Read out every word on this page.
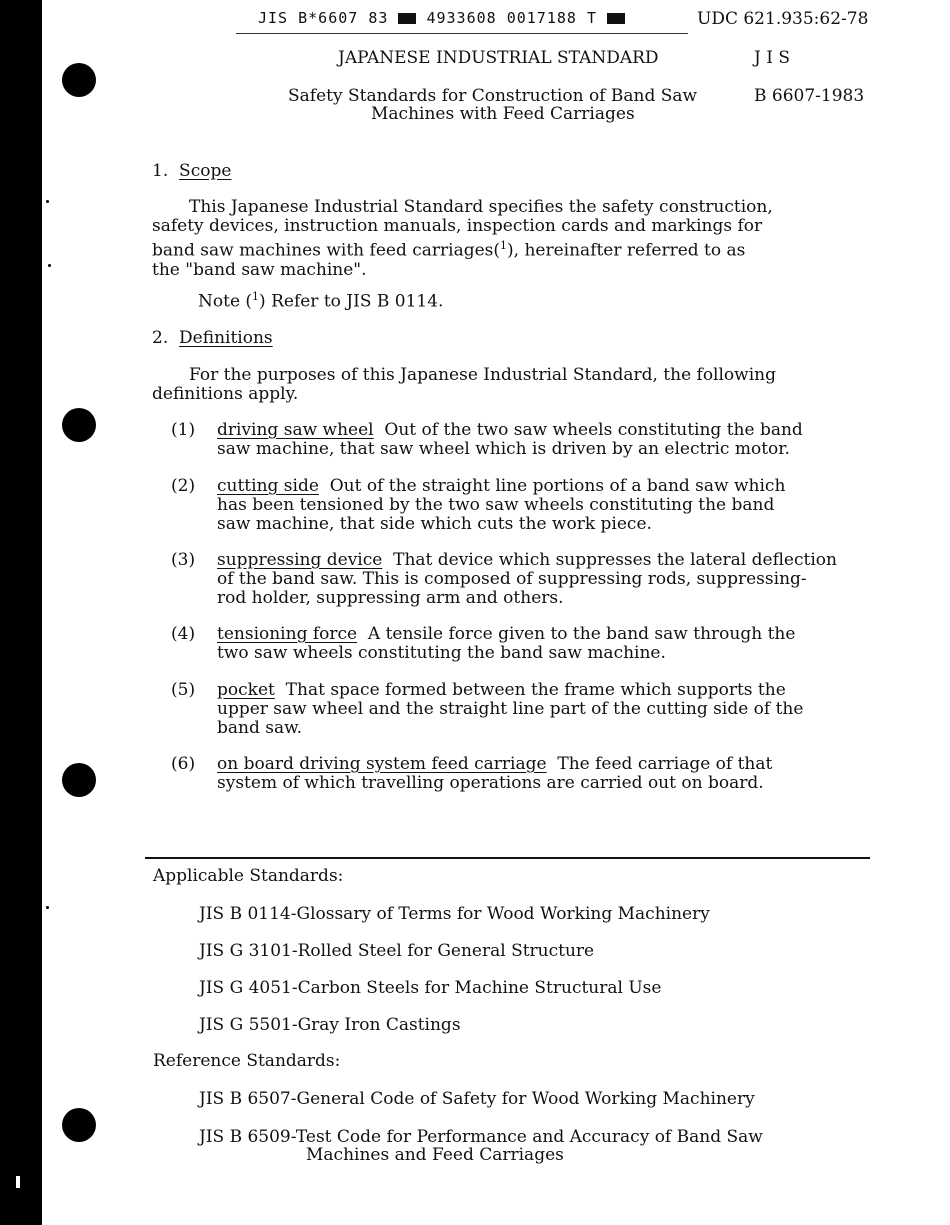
JIS B*6607 83	4933608 0017188 T	UDC 621.935:62-78
JAPANESE INDUSTRIAL STANDARD	J I S
Safety Standards for Construction of Band Saw
Machines with Feed Carriages
B 6607-1983
1. Scope
This Japanese Industrial Standard specifies the safety construction,
safety devices, instruction manuals, inspection cards and markings for
band saw machines with feed carriages($^1$), hereinafter referred to as
the "band saw machine".
Note ($^1$) Refer to JIS B 0114.
2. Definitions
For the purposes of this Japanese Industrial Standard, the following
definitions apply.
(1) driving saw wheel Out of the two saw wheels constituting the band
saw machine, that saw wheel which is driven by an electric motor.
(2) cutting side Out of the straight line portions of a band saw which
has been tensioned by the two saw wheels constituting the band
saw machine, that side which cuts the work piece.
(3) suppressing device That device which suppresses the lateral deflection
of the band saw. This is composed of suppressing rods, suppressing-
rod holder, suppressing arm and others.
(4) tensioning force A tensile force given to the band saw through the
two saw wheels constituting the band saw machine.
(5) pocket That space formed between the frame which supports the
upper saw wheel and the straight line part of the cutting side of the
band saw.
(6) on board driving system feed carriage The feed carriage of that
system of which travelling operations are carried out on board.
Applicable Standards:
JIS B 0114-Glossary of Terms for Wood Working Machinery
JIS G 3101-Rolled Steel for General Structure
JIS G 4051-Carbon Steels for Machine Structural Use
JIS G 5501-Gray Iron Castings
Reference Standards:
JIS B 6507-General Code of Safety for Wood Working Machinery
JIS B 6509-Test Code for Performance and Accuracy of Band Saw
Machines and Feed Carriages
